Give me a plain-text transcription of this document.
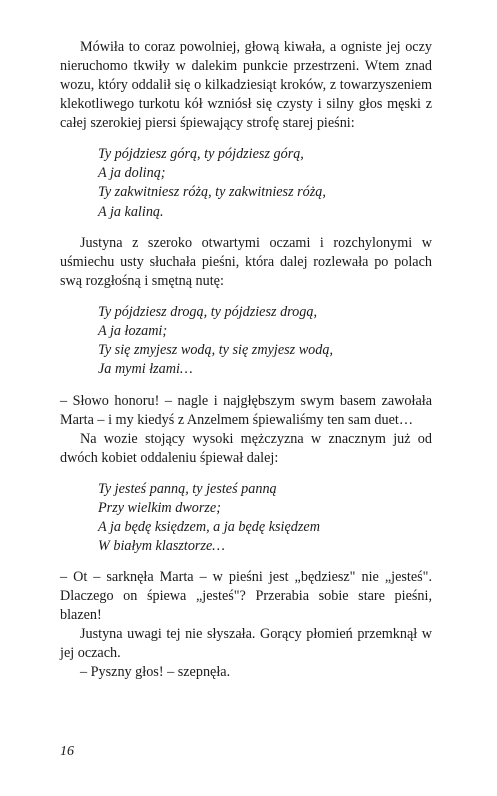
Mówiła to coraz powolniej, głową kiwała, a ogniste jej oczy nieruchomo tkwiły w dalekim punkcie przestrzeni. Wtem znad wozu, który oddalił się o kilkadziesiąt kroków, z towarzyszeniem klekotliwego turkotu kół wzniósł się czysty i silny głos męski z całej szerokiej piersi śpiewający strofę starej pieśni:

Ty pójdziesz górą, ty pójdziesz górą,
A ja doliną;
Ty zakwitniesz różą, ty zakwitniesz różą,
A ja kaliną.

Justyna z szeroko otwartymi oczami i rozchylonymi w uśmiechu usty słuchała pieśni, która dalej rozlewała po polach swą rozgłośną i smętną nutę:

Ty pójdziesz drogą, ty pójdziesz drogą,
A ja łozami;
Ty się zmyjesz wodą, ty się zmyjesz wodą,
Ja mymi łzami…

– Słowo honoru! – nagle i najgłębszym swym basem zawołała Marta – i my kiedyś z Anzelmem śpiewaliśmy ten sam duet…

Na wozie stojący wysoki mężczyzna w znacznym już od dwóch kobiet oddaleniu śpiewał dalej:

Ty jesteś panną, ty jesteś panną
Przy wielkim dworze;
A ja będę księdzem, a ja będę księdzem
W białym klasztorze…

– Ot – sarknęła Marta – w pieśni jest „będziesz" nie „jesteś". Dlaczego on śpiewa „jesteś"? Przerabia sobie stare pieśni, blazen!

Justyna uwagi tej nie słyszała. Gorący płomień przemknął w jej oczach.

– Pyszny głos! – szepnęła.

16
